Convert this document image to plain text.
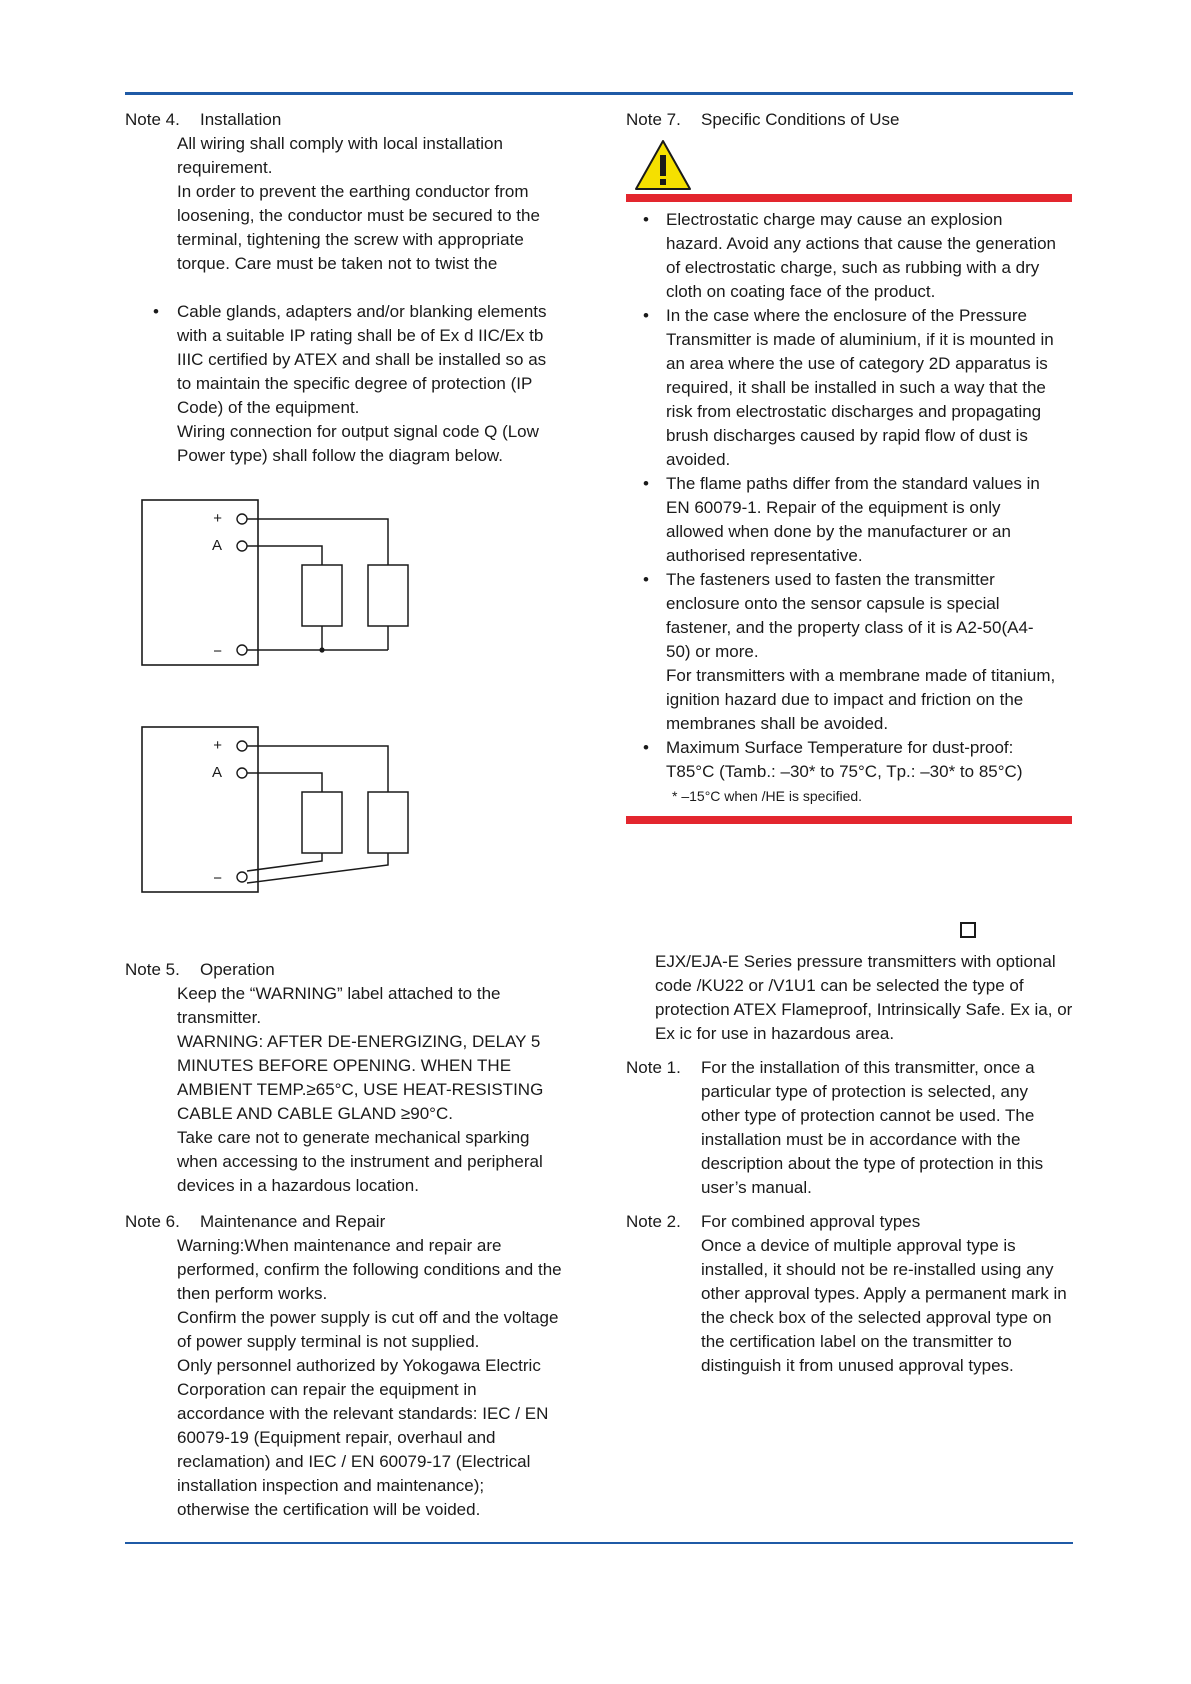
Note 4.	Installation
All wiring shall comply with local installation requirement.
In order to prevent the earthing conductor from loosening, the conductor must be secured to the terminal, tightening the screw with appropriate torque. Care must be taken not to twist the
•	Cable glands, adapters and/or blanking elements with a suitable IP rating shall be of Ex d IIC/Ex tb IIIC certified by ATEX and shall be installed so as to maintain the specific degree of protection (IP Code) of the equipment.
Wiring connection for output signal code Q (Low Power type) shall follow the diagram below.
+
A
−
+
A
−
Note 5.	Operation
Keep the “WARNING” label attached to the transmitter.
WARNING: AFTER DE-ENERGIZING, DELAY 5 MINUTES BEFORE OPENING. WHEN THE AMBIENT TEMP.≥65°C, USE HEAT-RESISTING CABLE AND CABLE GLAND ≥90°C.
Take care not to generate mechanical sparking when accessing to the instrument and peripheral devices in a hazardous location.
Note 6.	Maintenance and Repair
Warning:When maintenance and repair are performed, confirm the following conditions and the then perform works.
Confirm the power supply is cut off and the voltage of power supply terminal is not supplied.
Only personnel authorized by Yokogawa Electric Corporation can repair the equipment in accordance with the relevant standards: IEC / EN 60079-19 (Equipment repair, overhaul and reclamation) and IEC / EN 60079-17 (Electrical installation inspection and maintenance); otherwise the certification will be voided.
Note 7.	Specific Conditions of Use
•	Electrostatic charge may cause an explosion hazard. Avoid any actions that cause the generation of electrostatic charge, such as rubbing with a dry cloth on coating face of the product.
•	In the case where the enclosure of the Pressure Transmitter is made of aluminium, if it is mounted in an area where the use of category 2D apparatus is required, it shall be installed in such a way that the risk from electrostatic discharges and propagating brush discharges caused by rapid flow of dust is avoided.
•	The flame paths differ from the standard values in EN 60079-1. Repair of the equipment is only allowed when done by the manufacturer or an authorised representative.
•	The fasteners used to fasten the transmitter enclosure onto the sensor capsule is special fastener, and the property class of it is A2-50(A4-50) or more.
For transmitters with a membrane made of titanium, ignition hazard due to impact and friction on the membranes shall be avoided.
•	Maximum Surface Temperature for dust-proof:
T85°C (Tamb.: –30* to 75°C, Tp.: –30* to 85°C)
* –15°C when /HE is specified.
EJX/EJA-E Series pressure transmitters with optional code /KU22 or /V1U1 can be selected the type of protection ATEX Flameproof, Intrinsically Safe. Ex ia, or Ex ic for use in hazardous area.
Note 1.	For the installation of this transmitter, once a particular type of protection is selected, any other type of protection cannot be used. The installation must be in accordance with the description about the type of protection in this user’s manual.
Note 2.	For combined approval types
Once a device of multiple approval type is installed, it should not be re-installed using any other approval types. Apply a permanent mark in the check box of the selected approval type on the certification label on the transmitter to distinguish it from unused approval types.
